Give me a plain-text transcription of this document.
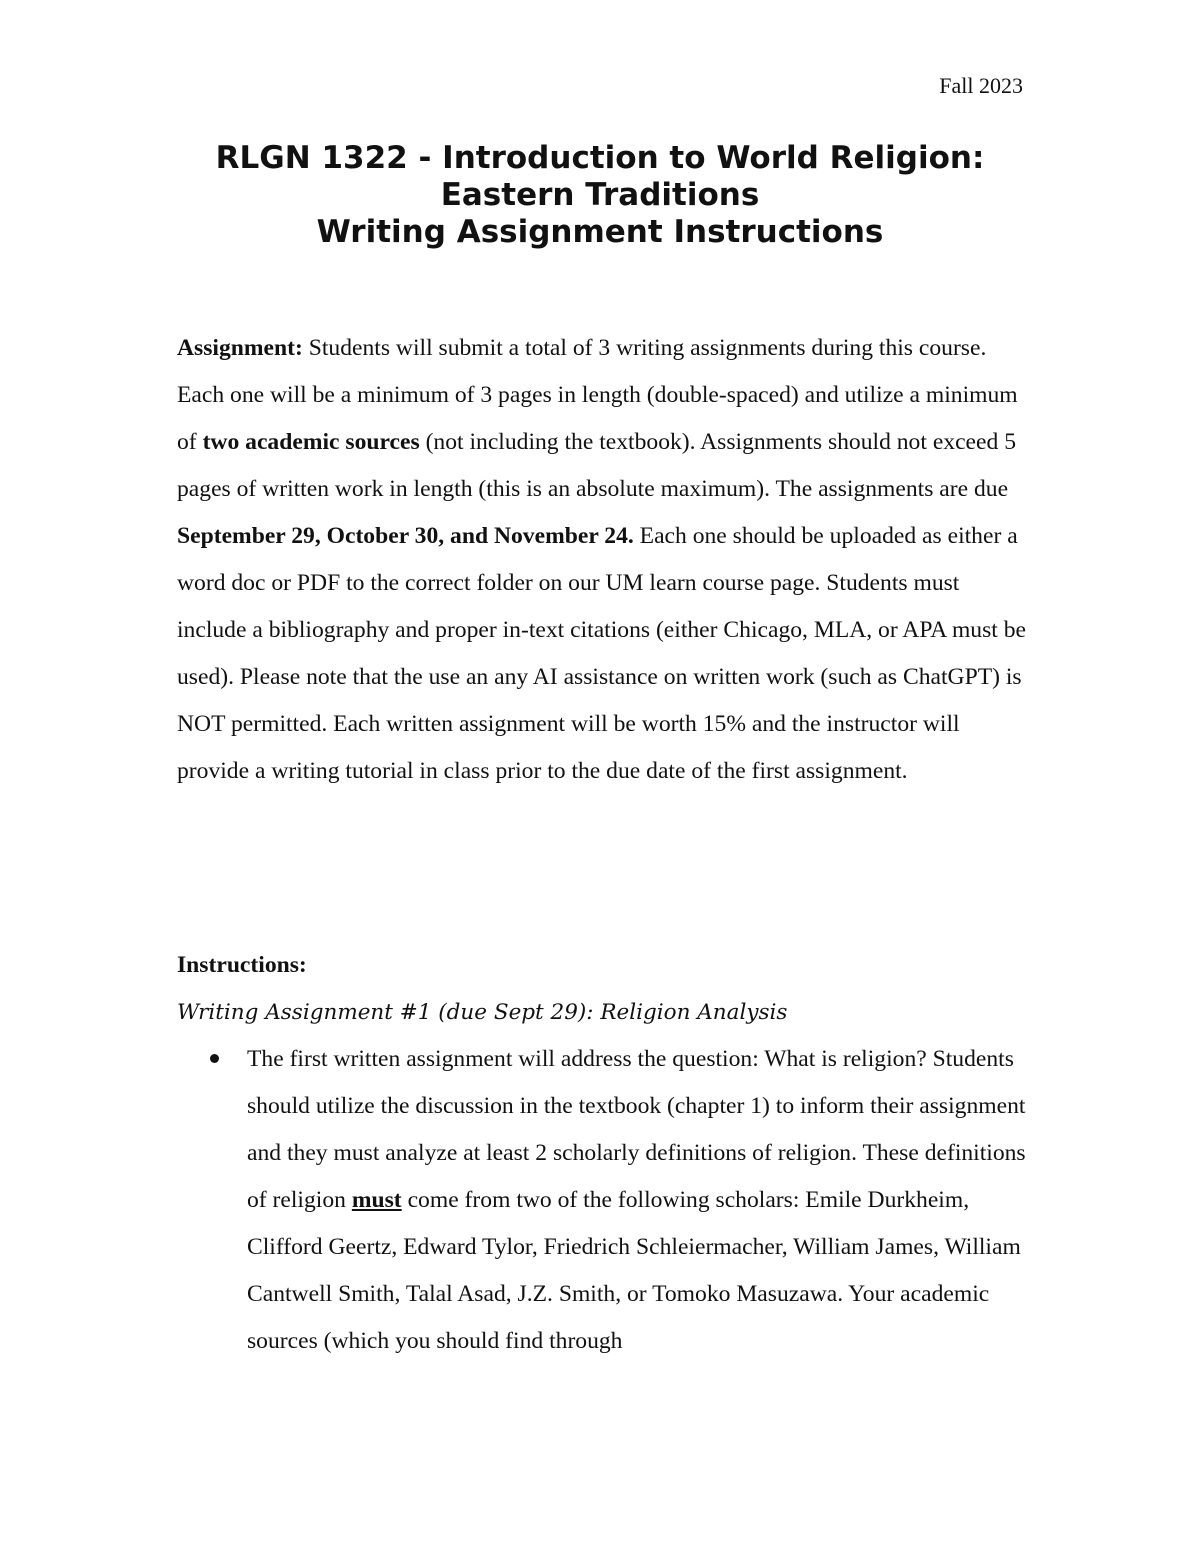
Fall 2023
RLGN 1322 - Introduction to World Religion:
Eastern Traditions
Writing Assignment Instructions

Assignment: Students will submit a total of 3 writing assignments during this course. Each one will be a minimum of 3 pages in length (double-spaced) and utilize a minimum of two academic sources (not including the textbook). Assignments should not exceed 5 pages of written work in length (this is an absolute maximum). The assignments are due September 29, October 30, and November 24. Each one should be uploaded as either a word doc or PDF to the correct folder on our UM learn course page. Students must include a bibliography and proper in-text citations (either Chicago, MLA, or APA must be used). Please note that the use an any AI assistance on written work (such as ChatGPT) is NOT permitted. Each written assignment will be worth 15% and the instructor will provide a writing tutorial in class prior to the due date of the first assignment.

Instructions:
Writing Assignment #1 (due Sept 29): Religion Analysis
The first written assignment will address the question: What is religion? Students should utilize the discussion in the textbook (chapter 1) to inform their assignment and they must analyze at least 2 scholarly definitions of religion. These definitions of religion must come from two of the following scholars: Emile Durkheim, Clifford Geertz, Edward Tylor, Friedrich Schleiermacher, William James, William Cantwell Smith, Talal Asad, J.Z. Smith, or Tomoko Masuzawa. Your academic sources (which you should find through
